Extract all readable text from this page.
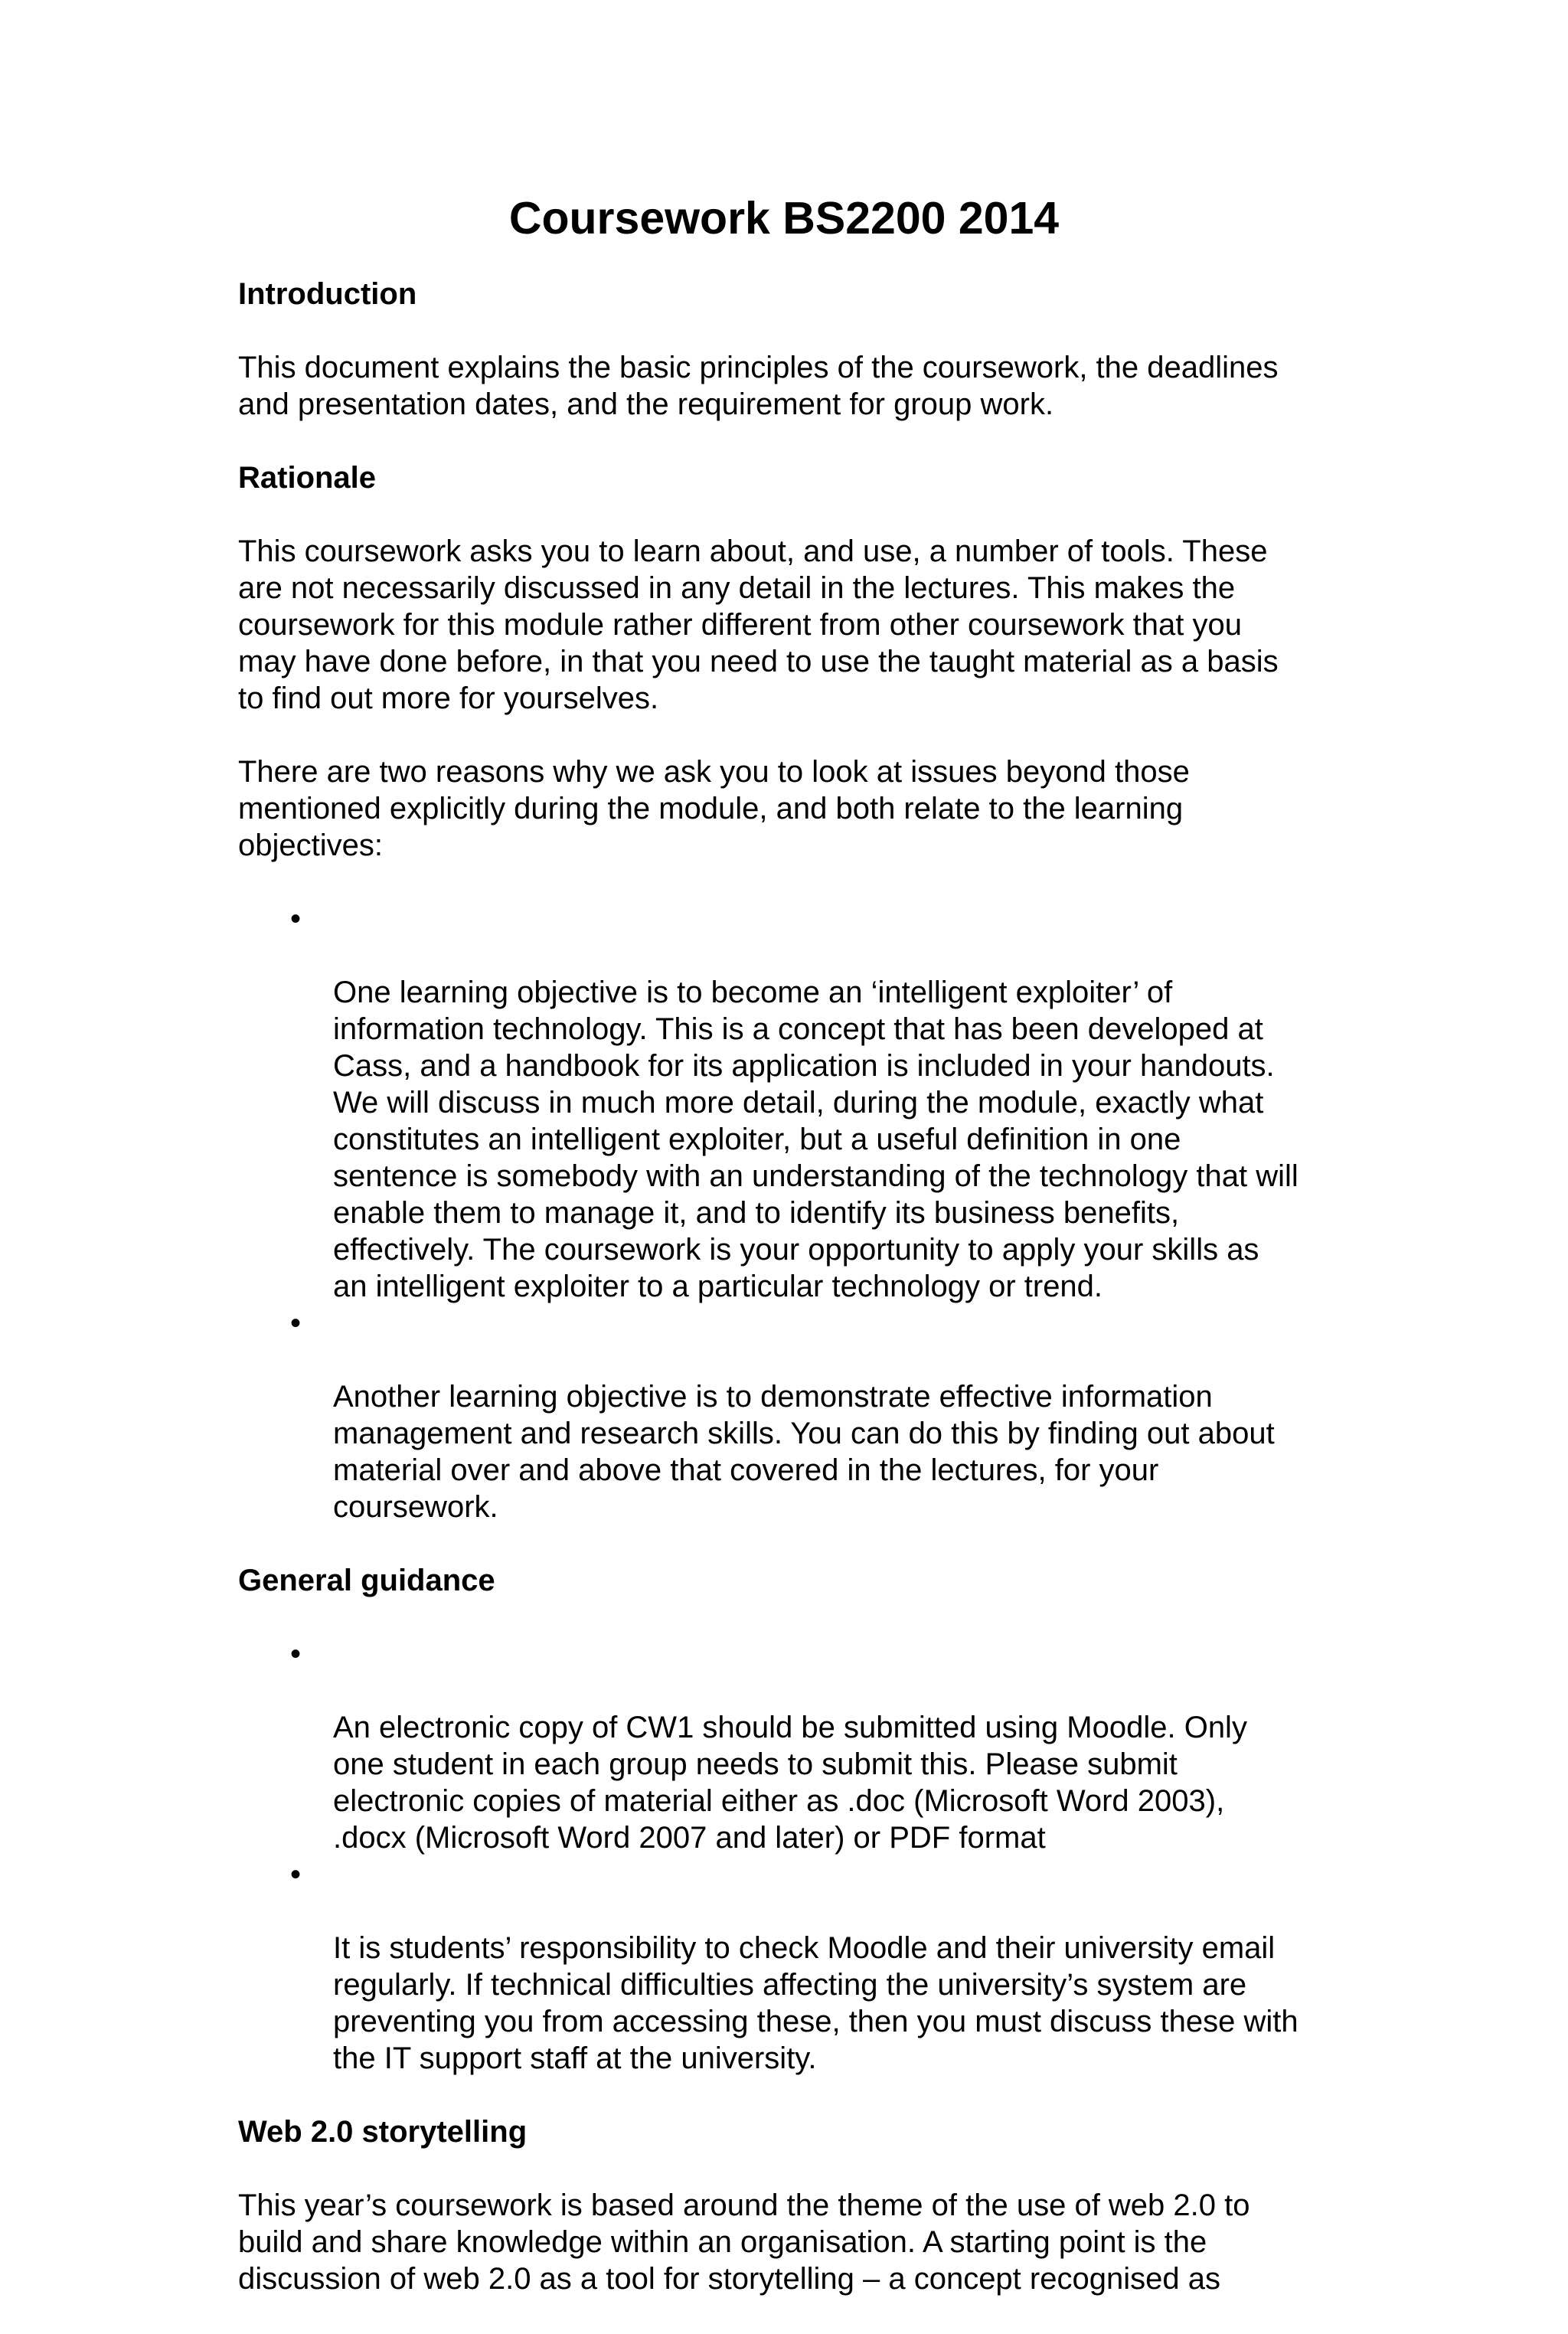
Coursework BS2200 2014
Introduction

This document explains the basic principles of the coursework, the deadlines
and presentation dates, and the requirement for group work.

Rationale

This coursework asks you to learn about, and use, a number of tools. These
are not necessarily discussed in any detail in the lectures. This makes the
coursework for this module rather different from other coursework that you
may have done before, in that you need to use the taught material as a basis
to find out more for yourselves.

There are two reasons why we ask you to look at issues beyond those
mentioned explicitly during the module, and both relate to the learning
objectives:

•

One learning objective is to become an ‘intelligent exploiter’ of
information technology. This is a concept that has been developed at
Cass, and a handbook for its application is included in your handouts.
We will discuss in much more detail, during the module, exactly what
constitutes an intelligent exploiter, but a useful definition in one
sentence is somebody with an understanding of the technology that will
enable them to manage it, and to identify its business benefits,
effectively. The coursework is your opportunity to apply your skills as
an intelligent exploiter to a particular technology or trend.

•

Another learning objective is to demonstrate effective information
management and research skills. You can do this by finding out about
material over and above that covered in the lectures, for your
coursework.

General guidance

•

An electronic copy of CW1 should be submitted using Moodle. Only
one student in each group needs to submit this. Please submit
electronic copies of material either as .doc (Microsoft Word 2003),
.docx (Microsoft Word 2007 and later) or PDF format

•

It is students’ responsibility to check Moodle and their university email
regularly. If technical difficulties affecting the university’s system are
preventing you from accessing these, then you must discuss these with
the IT support staff at the university.

Web 2.0 storytelling

This year’s coursework is based around the theme of the use of web 2.0 to
build and share knowledge within an organisation. A starting point is the
discussion of web 2.0 as a tool for storytelling – a concept recognised as
